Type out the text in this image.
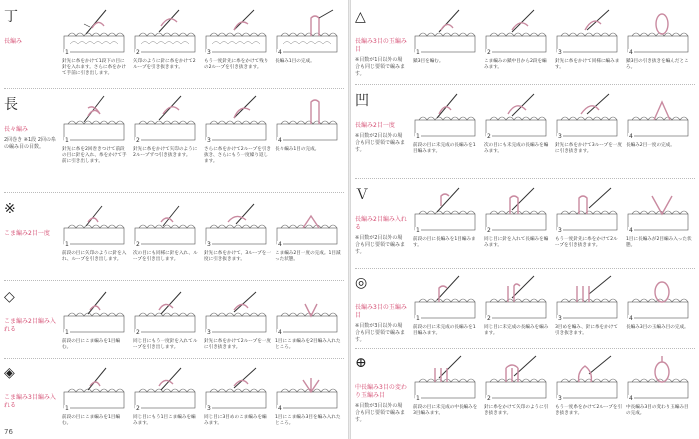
丁
長編み
1
針先に糸をかけて1段下の目に針を入れます。さらに糸をかけて手前に引き出します。
2
矢印のように針に糸をかけて2ループを引き抜きます。
3
もう一度針先に糸をかけて残りの2ループを引き抜きます。
4
長編み1目の完成。
長
長々編み
2回巻き ※1段 2回の糸の編み目の目数。
1
針先に糸を2回巻きつけて前段の目に針を入れ、糸をかけて手前に引き出します。
2
針先に糸をかけて矢印のように2ループずつ引き抜きます。
3
さらに糸をかけて2ループを引き抜き、さらにもう一度繰り返します。
4
長々編み1目の完成。
※
こま編み2目一度
1
前段の目に矢印のように針を入れ、ループを引き出します。
2
次の目にも同様に針を入れ、ループを引き出します。
3
針先に糸をかけて、3ループを一度に引き抜きます。
4
こま編み2目一度の完成。1目減った状態。
◇
こま編み2目編み入れる	1
前段の目にこま編みを1目編む。
2
同じ目にもう一度針を入れてループを引き出します。
3
針先に糸をかけて2ループを一度に引き抜きます。
4
1目にこま編みを2目編み入れたところ。
◈
こま編み3目編み入れる	1
前段の目にこま編みを1目編む。
2
同じ目にもう1目こま編みを編みます。
3
同じ目に3目めのこま編みを編みます。
4
1目にこま編み3目を編み入れたところ。
76
△
長編み3目の玉編み目
※目数が1目以外の場合も同じ要領で編みます。
1
鎖3目を編む。
2
こま編みの鎖中目から2段を編みます。
3
針先に糸をかけて同様に編みます。
4
鎖3目の引き抜きを編んだところ。
凹
長編み2目一度
※目数が2目以外の場合も同じ要領で編みます。
1
前段の目に未完成の長編みを1目編みます。
2
次の目にも未完成の長編みを編みます。
3
針先に糸をかけて3ループを一度に引き抜きます。
4
長編み2目一度の完成。
Ｖ
長編み2目編み入れる
※目数が2目以外の場合も同じ要領で編みます。
1
前段の目に長編みを1目編みます。
2
同じ目に針を入れて長編みを編みます。
3
もう一度針先に糸をかけて2ループを引き抜きます。
4
1目に長編みが2目編み入った状態。
◎
長編み3目の玉編み目
※目数が3目以外の場合も同じ要領で編みます。
1
前段の目に未完成の長編みを1目編みます。
2
同じ目に未完成の長編みを編みます。
3
3目めを編み、針に糸をかけて引き抜きます。
4
長編み3目の玉編み目の完成。
⊕
中長編み3目の変わり玉編み目
※目数が3目以外の場合も同じ要領で編みます。
1
前段の目に未完成の中長編みを3目編みます。
2
針に糸をかけて矢印のように引き抜きます。
3
もう一度糸をかけて2ループを引き抜きます。
4
中長編み3目の変わり玉編み目の完成。
